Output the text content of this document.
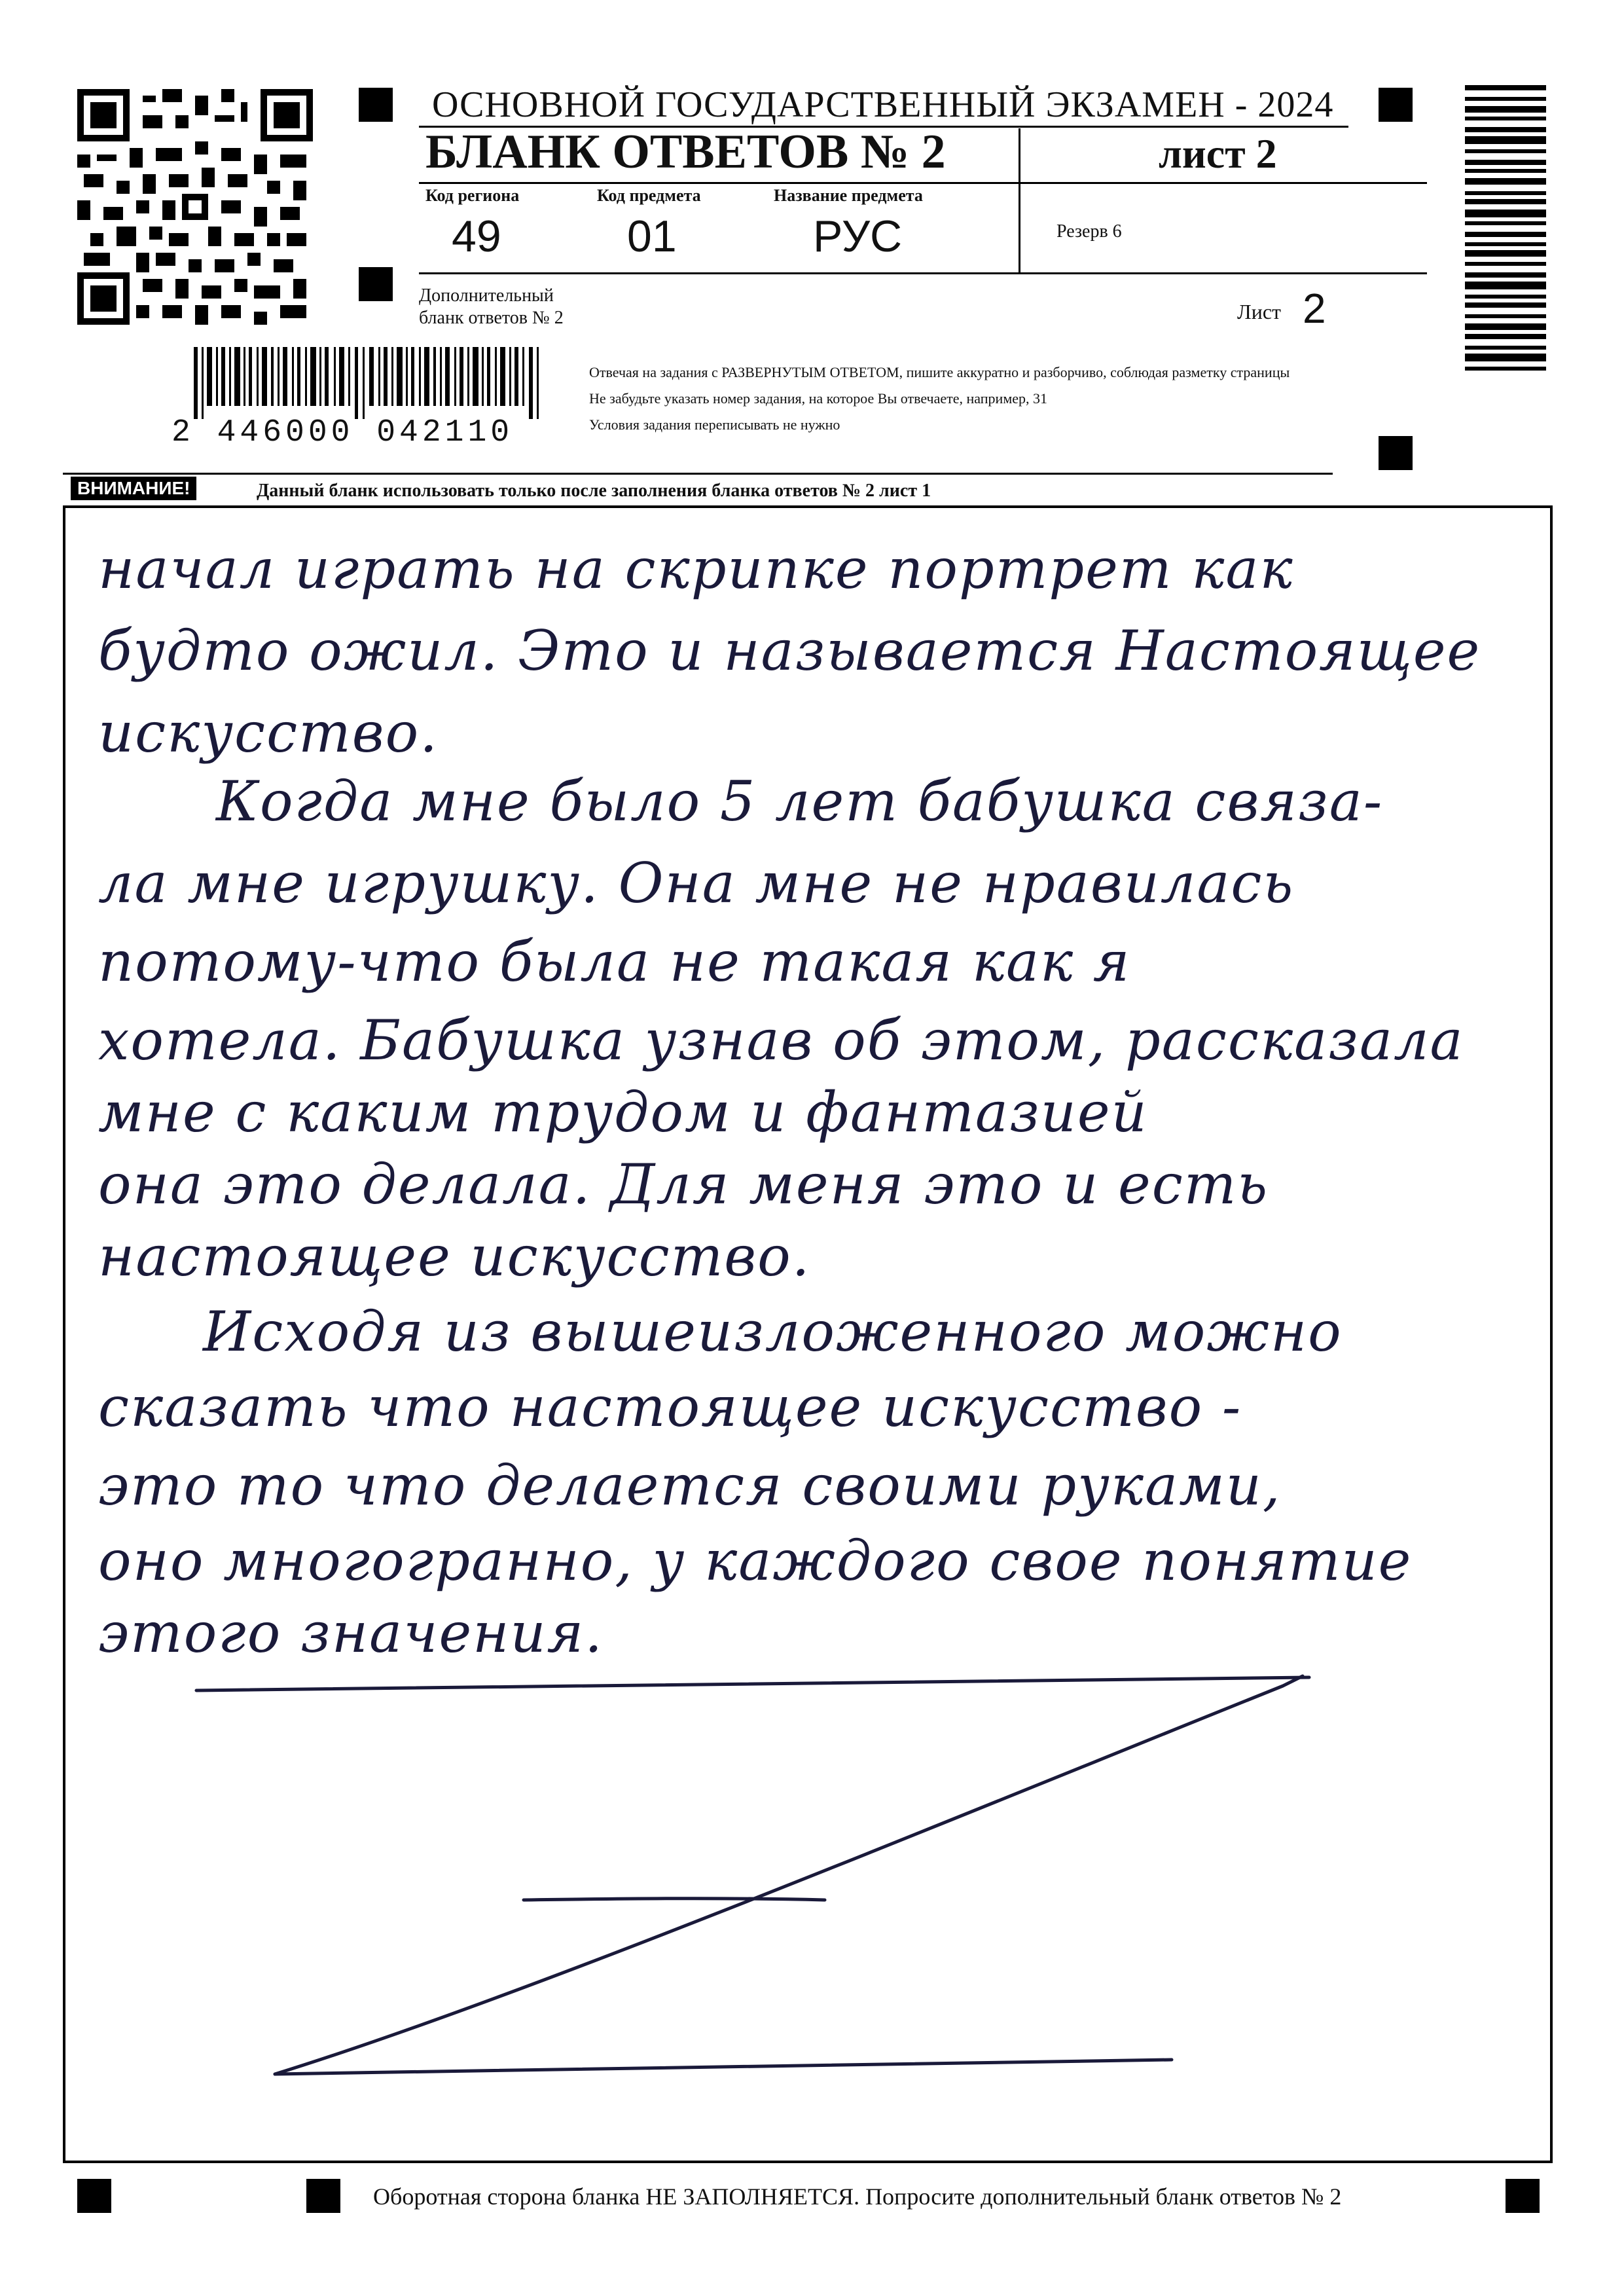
ОСНОВНОЙ ГОСУДАРСТВЕННЫЙ ЭКЗАМЕН - 2024
БЛАНК ОТВЕТОВ № 2	лист 2
Код региона
49
Код предмета
01
Название предмета
РУС	Резерв 6
Дополнительный
бланк ответов № 2	Лист 2
2 446000 042110
Отвечая на задания с РАЗВЕРНУТЫМ ОТВЕТОМ, пишите аккуратно и разборчиво, соблюдая разметку страницы
Не забудьте указать номер задания, на которое Вы отвечаете, например, 31
Условия задания переписывать не нужно
ВНИМАНИЕ!	Данный бланк использовать только после заполнения бланка ответов № 2 лист 1
начал играть на скрипке портрет как
будто ожил. Это и называется Настоящее
искусство.
Когда мне было 5 лет бабушка связа-
ла мне игрушку. Она мне не нравилась
потому-что была не такая как я
хотела. Бабушка узнав об этом, рассказала
мне с каким трудом и фантазией
она это делала. Для меня это и есть
настоящее искусство.
Исходя из вышеизложенного можно
сказать что настоящее искусство -
это то что делается своими руками,
оно многогранно, у каждого свое понятие
этого значения.
Оборотная сторона бланка НЕ ЗАПОЛНЯЕТСЯ. Попросите дополнительный бланк ответов № 2
